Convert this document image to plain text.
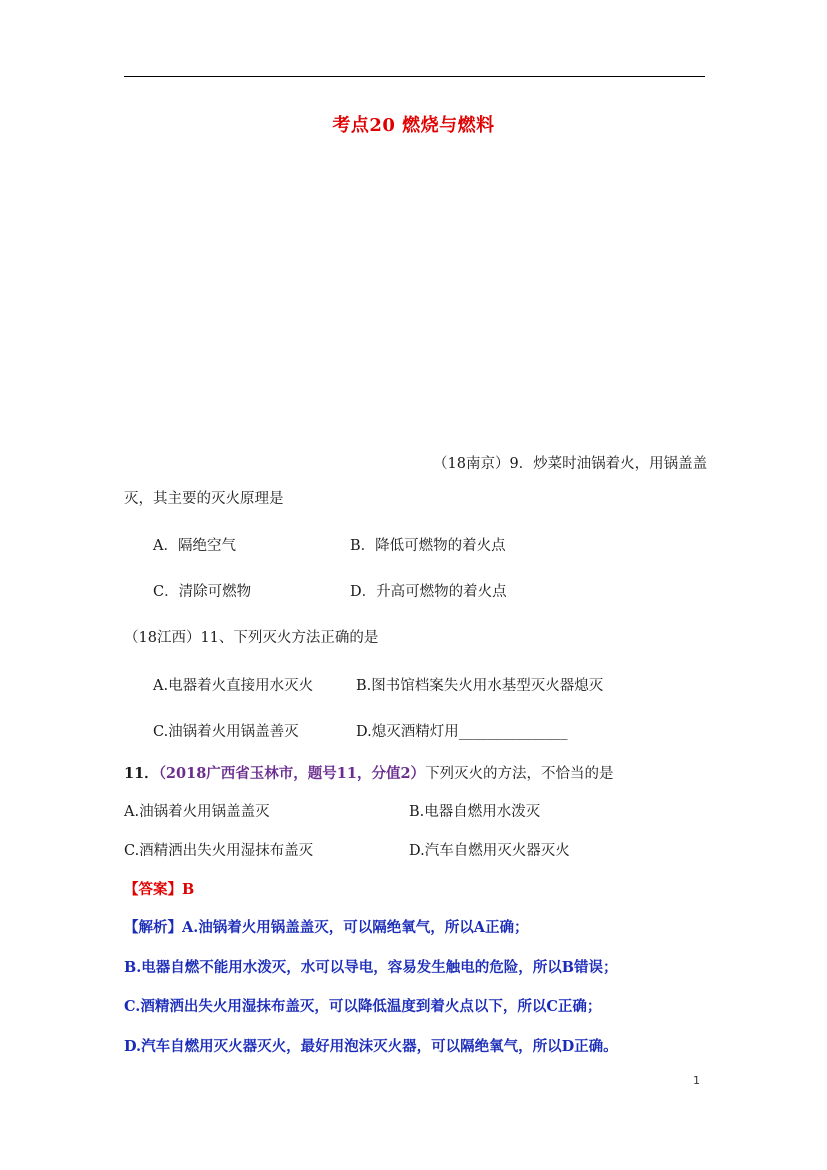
考点20 燃烧与燃料
（18南京）9．炒菜时油锅着火，用锅盖盖
灭，其主要的灭火原理是
A．隔绝空气	B．降低可燃物的着火点
C．清除可燃物	D．升高可燃物的着火点
（18江西）11、下列灭火方法正确的是
A.电器着火直接用水灭火	B.图书馆档案失火用水基型灭火器熄灭
C.油锅着火用锅盖善灭	D.熄灭酒精灯用_______________
11．（2018广西省玉林市，题号11，分值2）下列灭火的方法，不恰当的是
A.油锅着火用锅盖盖灭	B.电器自燃用水泼灭
C.酒精洒出失火用湿抹布盖灭	D.汽车自燃用灭火器灭火
【答案】B
【解析】A.油锅着火用锅盖盖灭，可以隔绝氧气，所以A正确；
B.电器自燃不能用水泼灭，水可以导电，容易发生触电的危险，所以B错误；
C.酒精洒出失火用湿抹布盖灭，可以降低温度到着火点以下，所以C正确；
D.汽车自燃用灭火器灭火，最好用泡沫灭火器，可以隔绝氧气，所以D正确。
1
